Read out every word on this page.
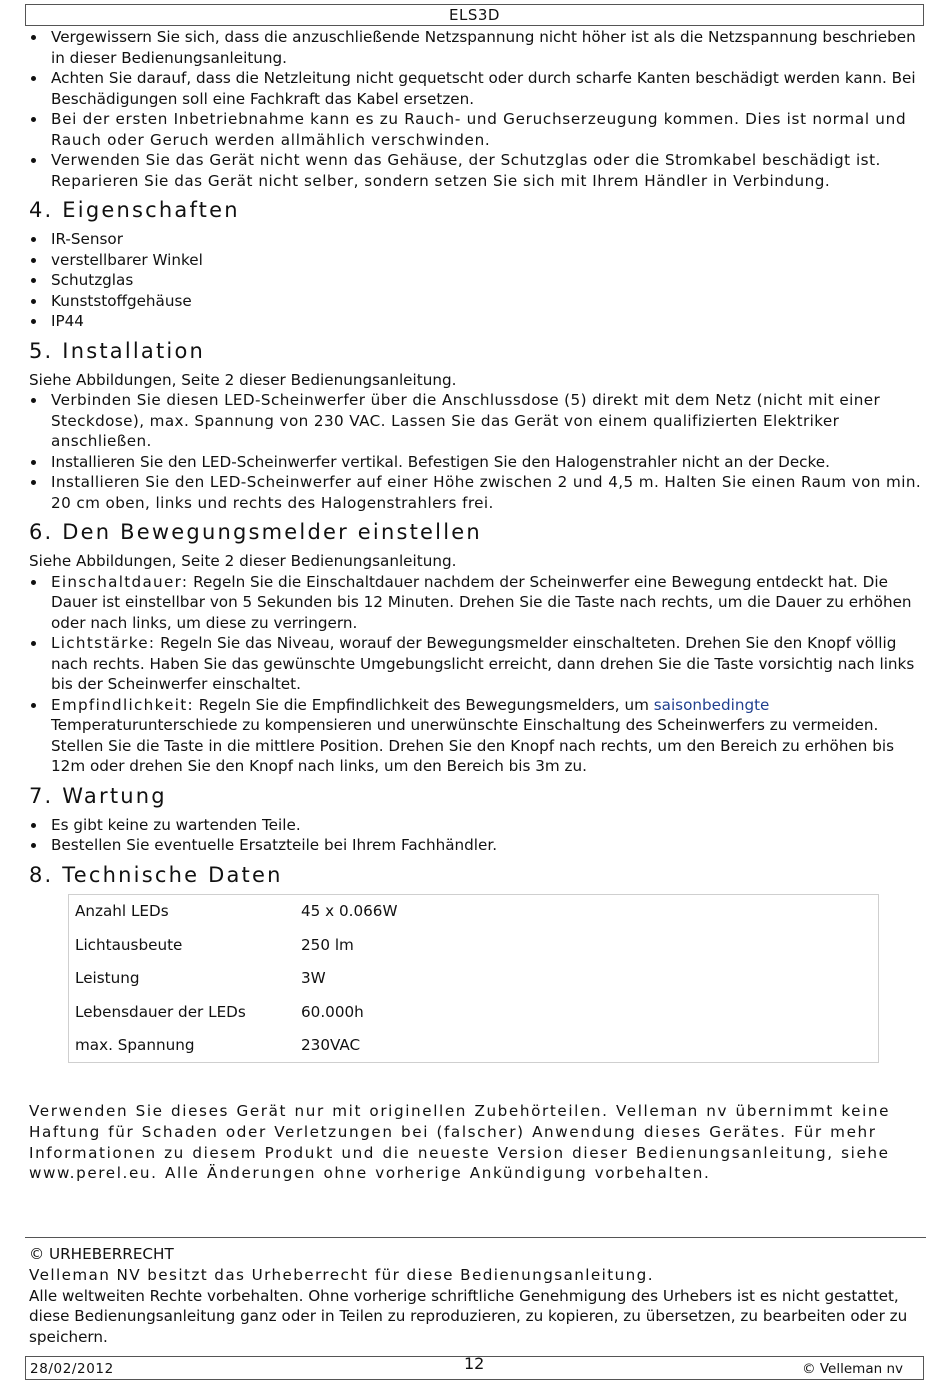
ELS3D
Vergewissern Sie sich, dass die anzuschließende Netzspannung nicht höher ist als die Netzspannung beschrieben in dieser Bedienungsanleitung.
Achten Sie darauf, dass die Netzleitung nicht gequetscht oder durch scharfe Kanten beschädigt werden kann. Bei Beschädigungen soll eine Fachkraft das Kabel ersetzen.
Bei der ersten Inbetriebnahme kann es zu Rauch- und Geruchserzeugung kommen. Dies ist normal und Rauch oder Geruch werden allmählich verschwinden.
Verwenden Sie das Gerät nicht wenn das Gehäuse, der Schutzglas oder die Stromkabel beschädigt ist. Reparieren Sie das Gerät nicht selber, sondern setzen Sie sich mit Ihrem Händler in Verbindung.
4. Eigenschaften
IR-Sensor
verstellbarer Winkel
Schutzglas
Kunststoffgehäuse
IP44
5. Installation

Siehe Abbildungen, Seite 2 dieser Bedienungsanleitung.

Verbinden Sie diesen LED-Scheinwerfer über die Anschlussdose (5) direkt mit dem Netz (nicht mit einer Steckdose), max. Spannung von 230 VAC. Lassen Sie das Gerät von einem qualifizierten Elektriker anschließen.
Installieren Sie den LED-Scheinwerfer vertikal. Befestigen Sie den Halogenstrahler nicht an der Decke.
Installieren Sie den LED-Scheinwerfer auf einer Höhe zwischen 2 und 4,5 m. Halten Sie einen Raum von min. 20 cm oben, links und rechts des Halogenstrahlers frei.
6. Den Bewegungsmelder einstellen

Siehe Abbildungen, Seite 2 dieser Bedienungsanleitung.

Einschaltdauer: Regeln Sie die Einschaltdauer nachdem der Scheinwerfer eine Bewegung entdeckt hat. Die Dauer ist einstellbar von 5 Sekunden bis 12 Minuten. Drehen Sie die Taste nach rechts, um die Dauer zu erhöhen oder nach links, um diese zu verringern.
Lichtstärke: Regeln Sie das Niveau, worauf der Bewegungsmelder einschalteten. Drehen Sie den Knopf völlig nach rechts. Haben Sie das gewünschte Umgebungslicht erreicht, dann drehen Sie die Taste vorsichtig nach links bis der Scheinwerfer einschaltet.
Empfindlichkeit: Regeln Sie die Empfindlichkeit des Bewegungsmelders, um saisonbedingte Temperaturunterschiede zu kompensieren und unerwünschte Einschaltung des Scheinwerfers zu vermeiden. Stellen Sie die Taste in die mittlere Position. Drehen Sie den Knopf nach rechts, um den Bereich zu erhöhen bis 12m oder drehen Sie den Knopf nach links, um den Bereich bis 3m zu.
7. Wartung
Es gibt keine zu wartenden Teile.
Bestellen Sie eventuelle Ersatzteile bei Ihrem Fachhändler.
8. Technische Daten
Anzahl LEDs	45 x 0.066W
Lichtausbeute	250 lm
Leistung	3W
Lebensdauer der LEDs	60.000h
max. Spannung	230VAC

Verwenden Sie dieses Gerät nur mit originellen Zubehörteilen. Velleman nv übernimmt keine Haftung für Schaden oder Verletzungen bei (falscher) Anwendung dieses Gerätes. Für mehr Informationen zu diesem Produkt und die neueste Version dieser Bedienungsanleitung, siehe www.perel.eu. Alle Änderungen ohne vorherige Ankündigung vorbehalten.

© URHEBERRECHT
Velleman NV besitzt das Urheberrecht für diese Bedienungsanleitung.
Alle weltweiten Rechte vorbehalten. Ohne vorherige schriftliche Genehmigung des Urhebers ist es nicht gestattet, diese Bedienungsanleitung ganz oder in Teilen zu reproduzieren, zu kopieren, zu übersetzen, zu bearbeiten oder zu speichern.
28/02/2012	12	© Velleman nv
